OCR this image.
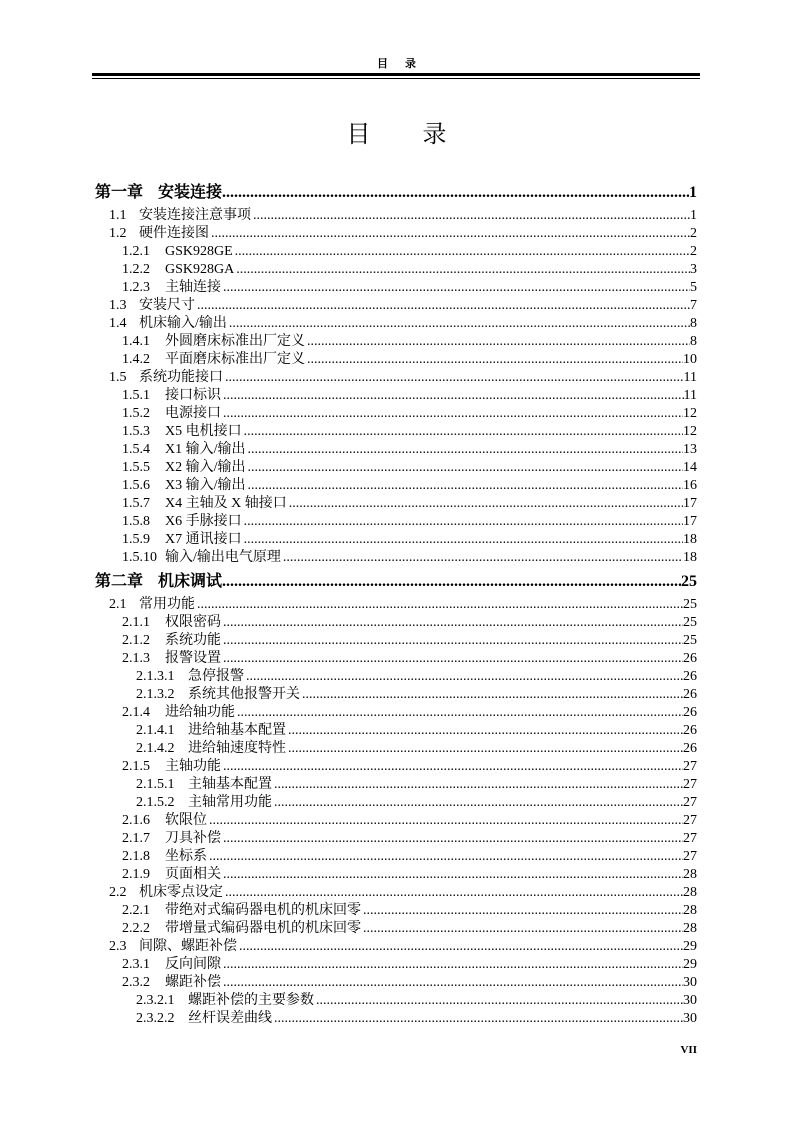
目　录
目　录
第一章 安装连接 .....	1
1.1 安装连接注意事项 .....	1
1.2 硬件连接图 .....	2
1.2.1	GSK928GE .....	2
1.2.2	GSK928GA .....	3
1.2.3	主轴连接 .....	5
1.3 安装尺寸 .....	7
1.4 机床输入/输出 .....	8
1.4.1	外圆磨床标准出厂定义 .....	8
1.4.2	平面磨床标准出厂定义 .....	10
1.5 系统功能接口 .....	11
1.5.1	接口标识 .....	11
1.5.2	电源接口 .....	12
1.5.3	X5 电机接口 .....	12
1.5.4	X1 输入/输出 .....	13
1.5.5	X2 输入/输出 .....	14
1.5.6	X3 输入/输出 .....	16
1.5.7	X4 主轴及 X 轴接口 .....	17
1.5.8	X6 手脉接口 .....	17
1.5.9	X7 通讯接口 .....	18
1.5.10 输入/输出电气原理 .....	18
第二章 机床调试 .....	25
2.1 常用功能 .....	25
2.1.1	权限密码 .....	25
2.1.2	系统功能 .....	25
2.1.3	报警设置 .....	26
2.1.3.1 急停报警 .....	26
2.1.3.2 系统其他报警开关 .....	26
2.1.4	进给轴功能 .....	26
2.1.4.1 进给轴基本配置 .....	26
2.1.4.2 进给轴速度特性 .....	26
2.1.5	主轴功能 .....	27
2.1.5.1 主轴基本配置 .....	27
2.1.5.2 主轴常用功能 .....	27
2.1.6	软限位 .....	27
2.1.7	刀具补偿 .....	27
2.1.8	坐标系 .....	27
2.1.9	页面相关 .....	28
2.2 机床零点设定 .....	28
2.2.1	带绝对式编码器电机的机床回零 .....	28
2.2.2	带增量式编码器电机的机床回零 .....	28
2.3 间隙、螺距补偿 .....	29
2.3.1	反向间隙 .....	29
2.3.2	螺距补偿 .....	30
2.3.2.1 螺距补偿的主要参数 .....	30
2.3.2.2 丝杆误差曲线 .....	30
VII
